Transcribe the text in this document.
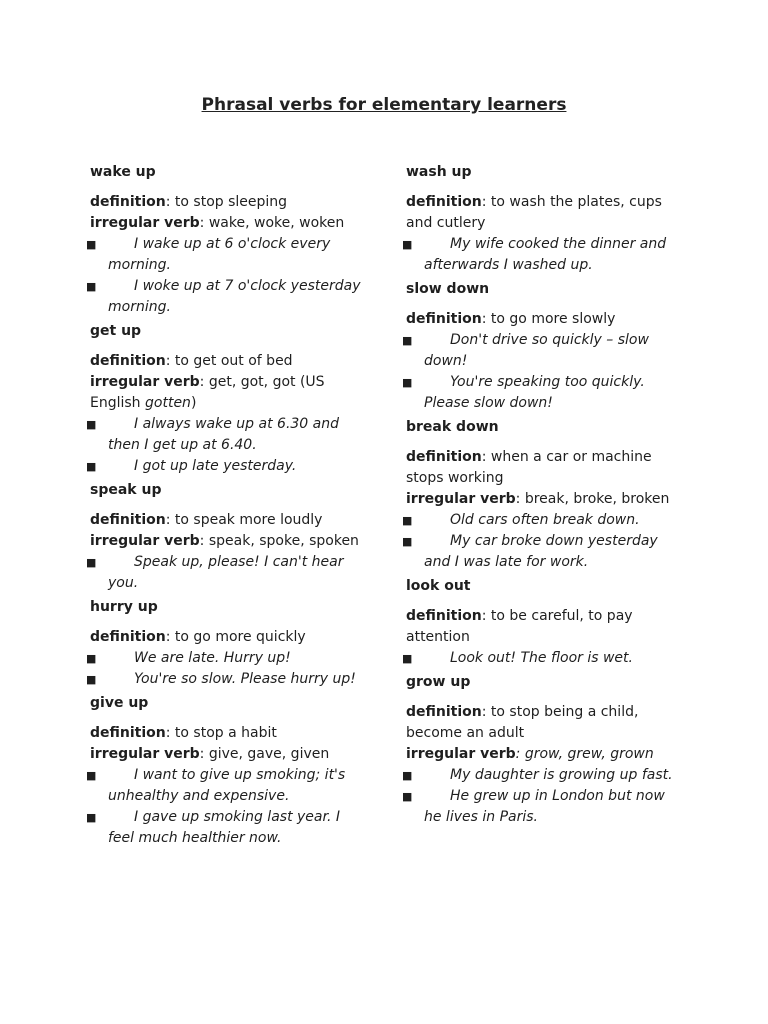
Phrasal verbs for elementary learners
wake up
definition: to stop sleeping
irregular verb: wake, woke, woken
■	I wake up at 6 o'clock every morning.
■	I woke up at 7 o'clock yesterday morning.
get up
definition: to get out of bed
irregular verb: get, got, got (US English gotten)
■	I always wake up at 6.30 and then I get up at 6.40.
■	I got up late yesterday.
speak up
definition: to speak more loudly
irregular verb: speak, spoke, spoken
■	Speak up, please! I can't hear you.
hurry up
definition: to go more quickly
■	We are late. Hurry up!
■	You're so slow. Please hurry up!
give up
definition: to stop a habit
irregular verb: give, gave, given
■	I want to give up smoking; it's unhealthy and expensive.
■	I gave up smoking last year. I feel much healthier now.
wash up
definition: to wash the plates, cups and cutlery
■	My wife cooked the dinner and afterwards I washed up.
slow down
definition: to go more slowly
■	Don't drive so quickly – slow down!
■	You're speaking too quickly. Please slow down!
break down
definition: when a car or machine stops working
irregular verb: break, broke, broken
■	Old cars often break down.
■	My car broke down yesterday and I was late for work.
look out
definition: to be careful, to pay attention
■	Look out! The floor is wet.
grow up
definition: to stop being a child, become an adult
irregular verb: grow, grew, grown
■	My daughter is growing up fast.
■	He grew up in London but now he lives in Paris.
